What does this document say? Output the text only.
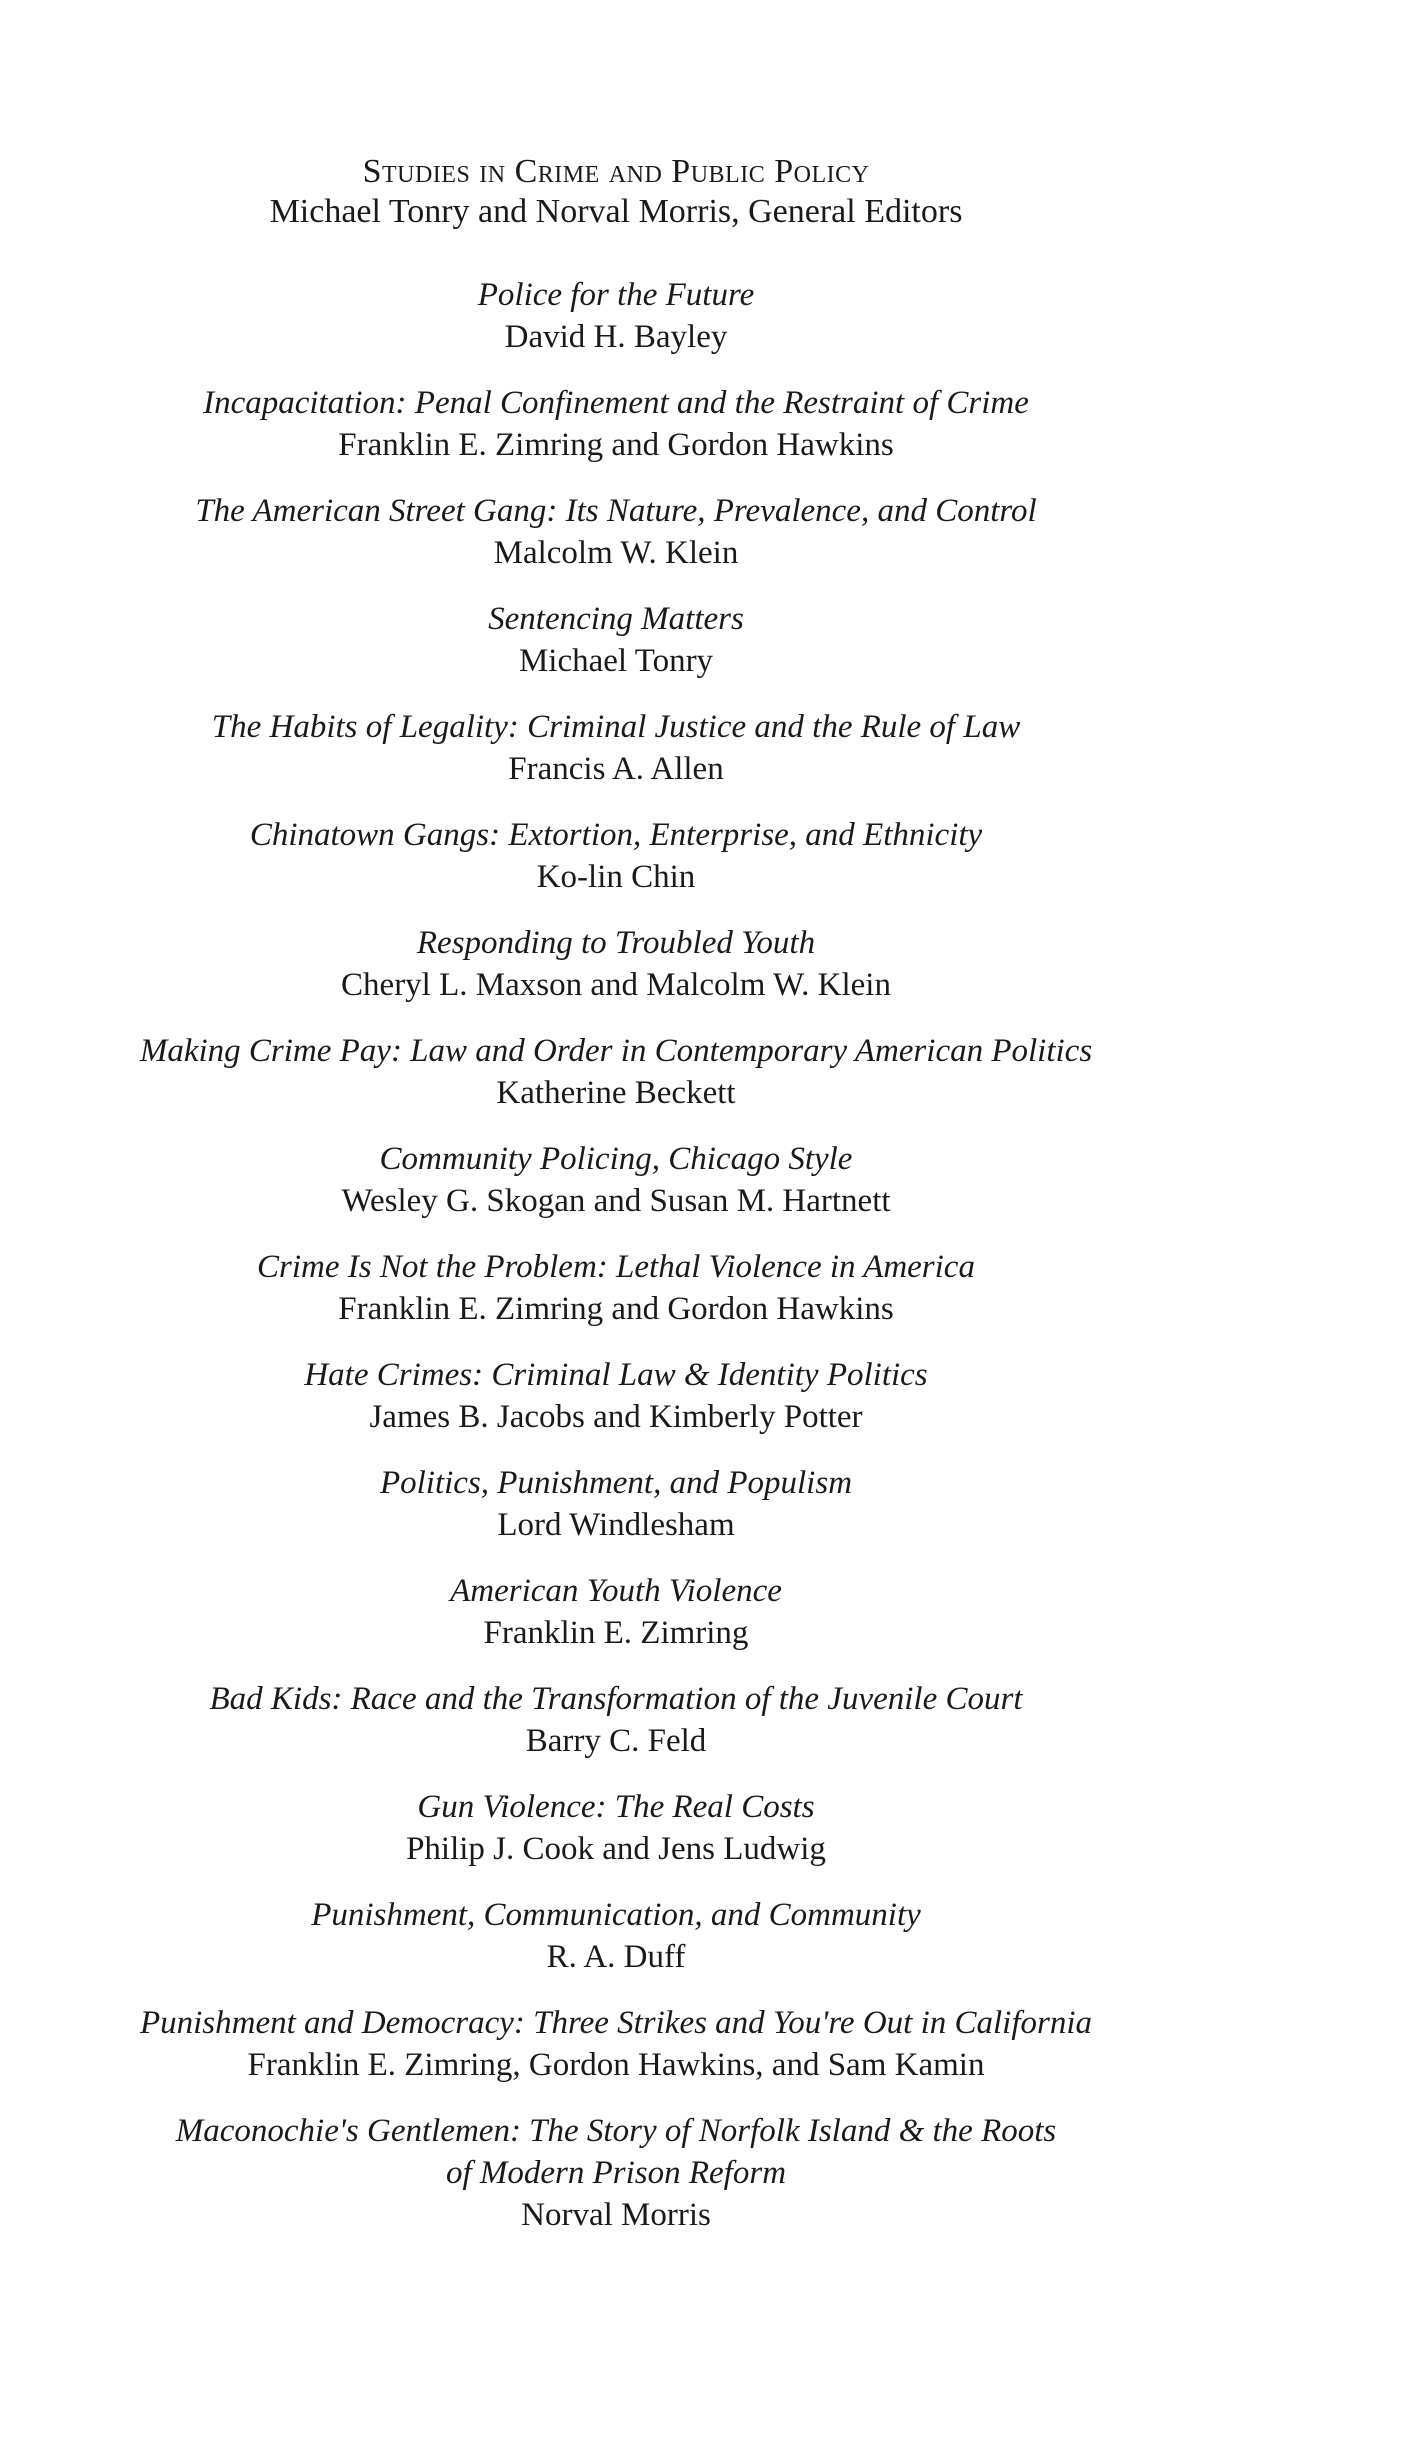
Studies in Crime and Public Policy
Michael Tonry and Norval Morris, General Editors
Police for the Future
David H. Bayley
Incapacitation: Penal Confinement and the Restraint of Crime
Franklin E. Zimring and Gordon Hawkins
The American Street Gang: Its Nature, Prevalence, and Control
Malcolm W. Klein
Sentencing Matters
Michael Tonry
The Habits of Legality: Criminal Justice and the Rule of Law
Francis A. Allen
Chinatown Gangs: Extortion, Enterprise, and Ethnicity
Ko-lin Chin
Responding to Troubled Youth
Cheryl L. Maxson and Malcolm W. Klein
Making Crime Pay: Law and Order in Contemporary American Politics
Katherine Beckett
Community Policing, Chicago Style
Wesley G. Skogan and Susan M. Hartnett
Crime Is Not the Problem: Lethal Violence in America
Franklin E. Zimring and Gordon Hawkins
Hate Crimes: Criminal Law & Identity Politics
James B. Jacobs and Kimberly Potter
Politics, Punishment, and Populism
Lord Windlesham
American Youth Violence
Franklin E. Zimring
Bad Kids: Race and the Transformation of the Juvenile Court
Barry C. Feld
Gun Violence: The Real Costs
Philip J. Cook and Jens Ludwig
Punishment, Communication, and Community
R. A. Duff
Punishment and Democracy: Three Strikes and You're Out in California
Franklin E. Zimring, Gordon Hawkins, and Sam Kamin
Maconochie's Gentlemen: The Story of Norfolk Island & the Roots
of Modern Prison Reform
Norval Morris
